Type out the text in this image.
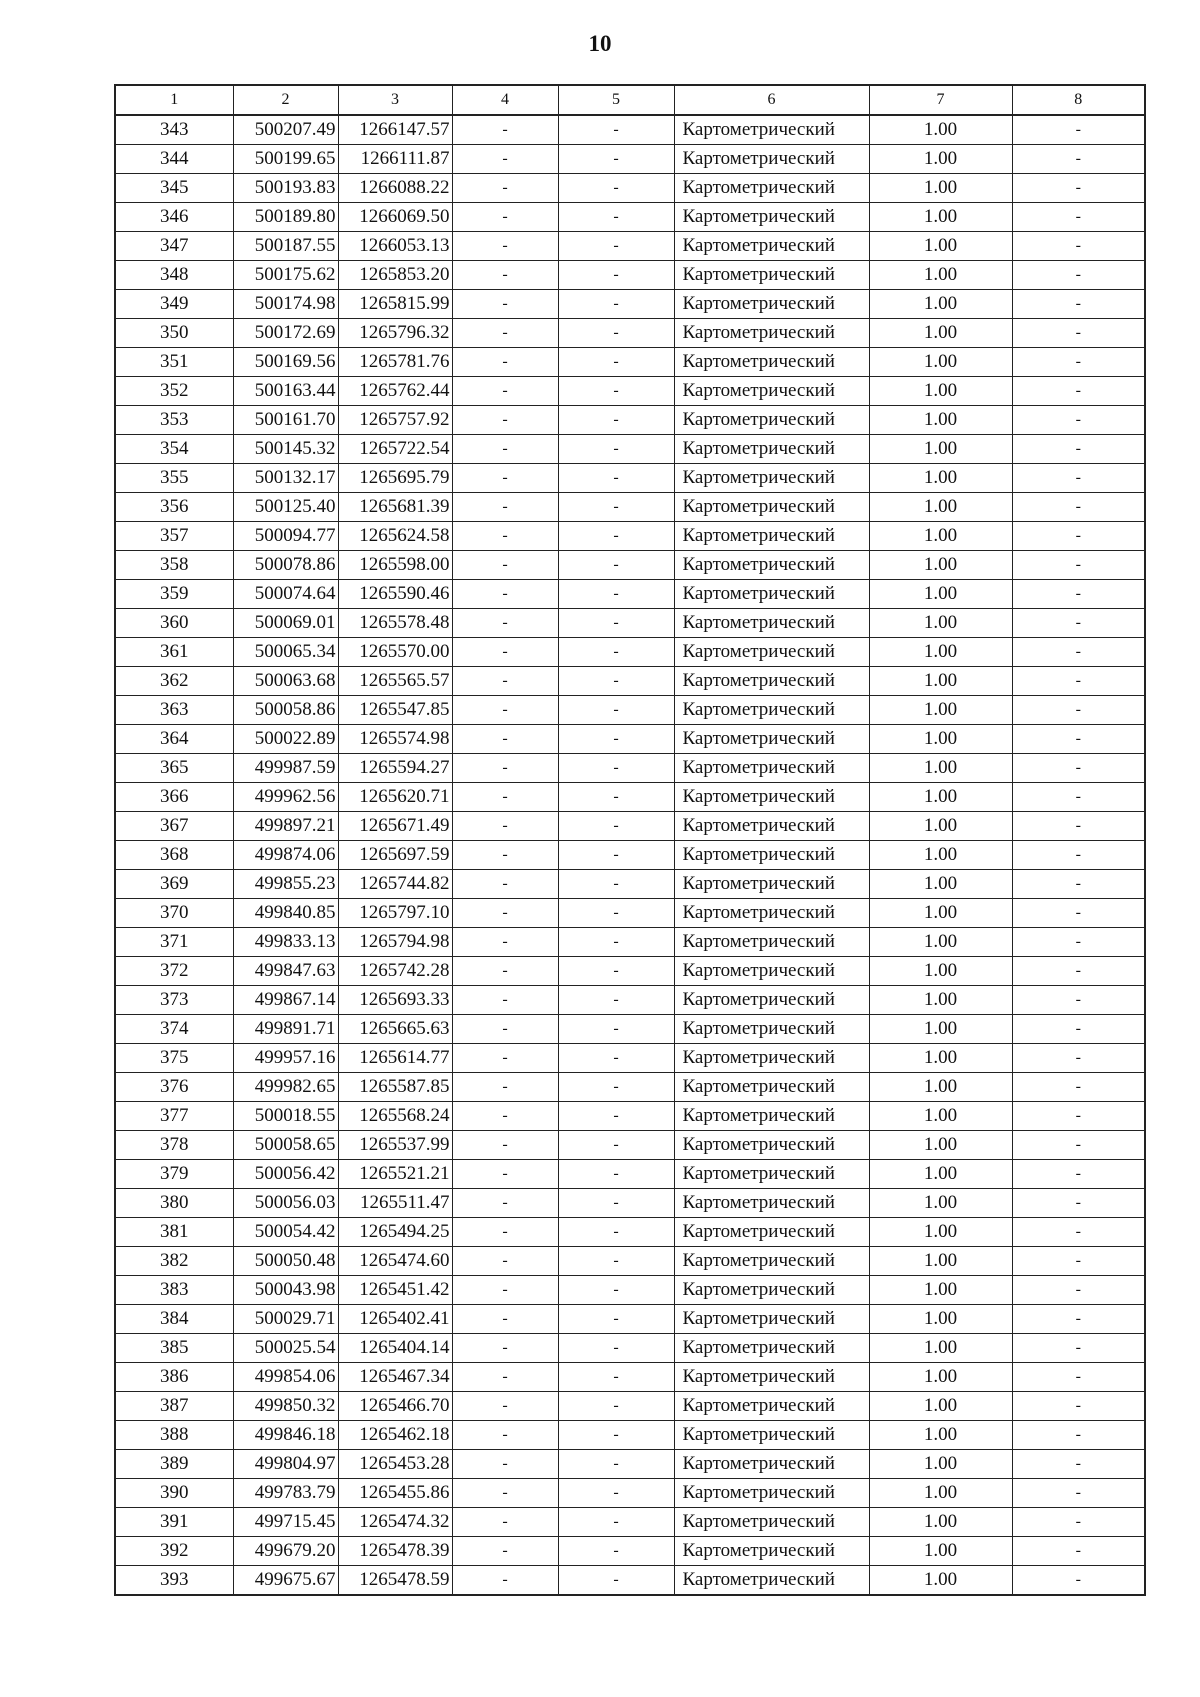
10
1	2	3	4	5	6	7	8
343	500207.49	1266147.57	-	-	Картометрический	1.00	-
344	500199.65	1266111.87	-	-	Картометрический	1.00	-
345	500193.83	1266088.22	-	-	Картометрический	1.00	-
346	500189.80	1266069.50	-	-	Картометрический	1.00	-
347	500187.55	1266053.13	-	-	Картометрический	1.00	-
348	500175.62	1265853.20	-	-	Картометрический	1.00	-
349	500174.98	1265815.99	-	-	Картометрический	1.00	-
350	500172.69	1265796.32	-	-	Картометрический	1.00	-
351	500169.56	1265781.76	-	-	Картометрический	1.00	-
352	500163.44	1265762.44	-	-	Картометрический	1.00	-
353	500161.70	1265757.92	-	-	Картометрический	1.00	-
354	500145.32	1265722.54	-	-	Картометрический	1.00	-
355	500132.17	1265695.79	-	-	Картометрический	1.00	-
356	500125.40	1265681.39	-	-	Картометрический	1.00	-
357	500094.77	1265624.58	-	-	Картометрический	1.00	-
358	500078.86	1265598.00	-	-	Картометрический	1.00	-
359	500074.64	1265590.46	-	-	Картометрический	1.00	-
360	500069.01	1265578.48	-	-	Картометрический	1.00	-
361	500065.34	1265570.00	-	-	Картометрический	1.00	-
362	500063.68	1265565.57	-	-	Картометрический	1.00	-
363	500058.86	1265547.85	-	-	Картометрический	1.00	-
364	500022.89	1265574.98	-	-	Картометрический	1.00	-
365	499987.59	1265594.27	-	-	Картометрический	1.00	-
366	499962.56	1265620.71	-	-	Картометрический	1.00	-
367	499897.21	1265671.49	-	-	Картометрический	1.00	-
368	499874.06	1265697.59	-	-	Картометрический	1.00	-
369	499855.23	1265744.82	-	-	Картометрический	1.00	-
370	499840.85	1265797.10	-	-	Картометрический	1.00	-
371	499833.13	1265794.98	-	-	Картометрический	1.00	-
372	499847.63	1265742.28	-	-	Картометрический	1.00	-
373	499867.14	1265693.33	-	-	Картометрический	1.00	-
374	499891.71	1265665.63	-	-	Картометрический	1.00	-
375	499957.16	1265614.77	-	-	Картометрический	1.00	-
376	499982.65	1265587.85	-	-	Картометрический	1.00	-
377	500018.55	1265568.24	-	-	Картометрический	1.00	-
378	500058.65	1265537.99	-	-	Картометрический	1.00	-
379	500056.42	1265521.21	-	-	Картометрический	1.00	-
380	500056.03	1265511.47	-	-	Картометрический	1.00	-
381	500054.42	1265494.25	-	-	Картометрический	1.00	-
382	500050.48	1265474.60	-	-	Картометрический	1.00	-
383	500043.98	1265451.42	-	-	Картометрический	1.00	-
384	500029.71	1265402.41	-	-	Картометрический	1.00	-
385	500025.54	1265404.14	-	-	Картометрический	1.00	-
386	499854.06	1265467.34	-	-	Картометрический	1.00	-
387	499850.32	1265466.70	-	-	Картометрический	1.00	-
388	499846.18	1265462.18	-	-	Картометрический	1.00	-
389	499804.97	1265453.28	-	-	Картометрический	1.00	-
390	499783.79	1265455.86	-	-	Картометрический	1.00	-
391	499715.45	1265474.32	-	-	Картометрический	1.00	-
392	499679.20	1265478.39	-	-	Картометрический	1.00	-
393	499675.67	1265478.59	-	-	Картометрический	1.00	-
